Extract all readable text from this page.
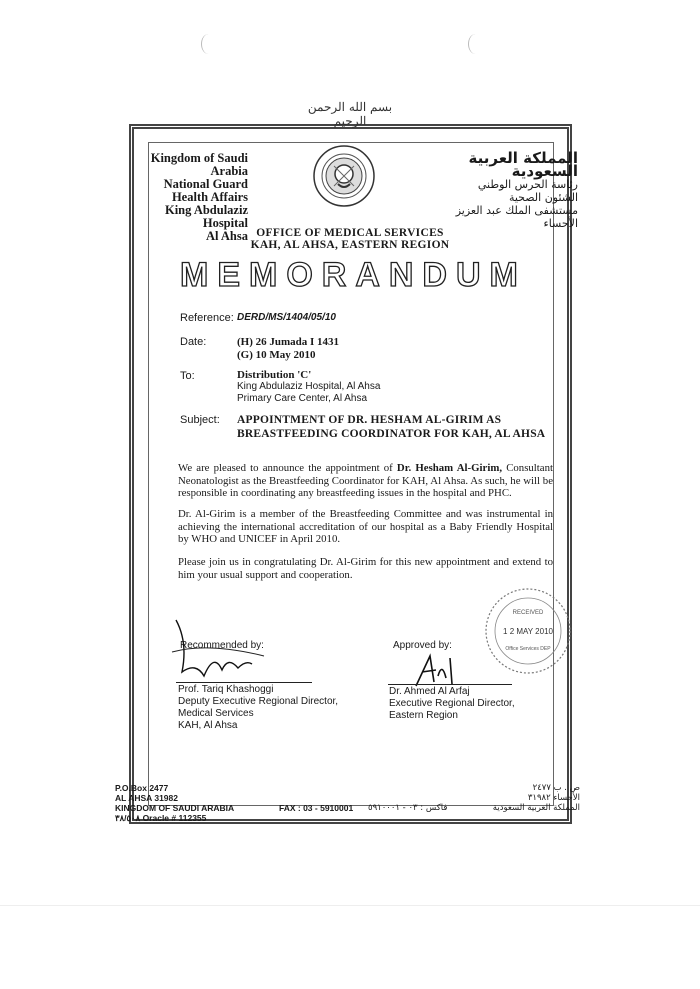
بسم الله الرحمن الرحيم
Kingdom of Saudi Arabia
National Guard
Health Affairs
King Abdulaziz Hospital
Al Ahsa
المملكة العربية السعودية
رئاسة الحرس الوطني
الشئون الصحية
مستشفى الملك عبد العزيز
الأحساء
OFFICE OF MEDICAL SERVICES
KAH, AL AHSA, EASTERN REGION
MEMORANDUM
Reference: DERD/MS/1404/05/10
Date:	(H) 26 Jumada I 1431
(G) 10 May 2010
To:	Distribution 'C'
King Abdulaziz Hospital, Al Ahsa
Primary Care Center, Al Ahsa
Subject: APPOINTMENT OF DR. HESHAM AL-GIRIM AS
BREASTFEEDING COORDINATOR FOR KAH, AL AHSA
We are pleased to announce the appointment of Dr. Hesham Al-Girim, Consultant Neonatologist as the Breastfeeding Coordinator for KAH, Al Ahsa. As such, he will be responsible in coordinating any breastfeeding issues in the hospital and PHC.
Dr. Al-Girim is a member of the Breastfeeding Committee and was instrumental in achieving the international accreditation of our hospital as a Baby Friendly Hospital by WHO and UNICEF in April 2010.
Please join us in congratulating Dr. Al-Girim for this new appointment and extend to him your usual support and cooperation.
Recommended by:
Prof. Tariq Khashoggi
Deputy Executive Regional Director,
Medical Services
KAH, Al Ahsa
Approved by:
Dr. Ahmed Al Arfaj
Executive Regional Director,
Eastern Region
RECEIVED
1 2 MAY 2010
Office Services DEP
P.O.Box 2477
AL AHSA 31982
KINGDOM OF SAUDI ARABIA
٣٨/٥٠٨ Oracle # 112355
FAX : 03 - 5910001 فاكس : ٠٣ - ٥٩١٠٠٠١
ص . ب ٢٤٧٧
الأحساء ٣١٩٨٢
المملكة العربية السعودية
